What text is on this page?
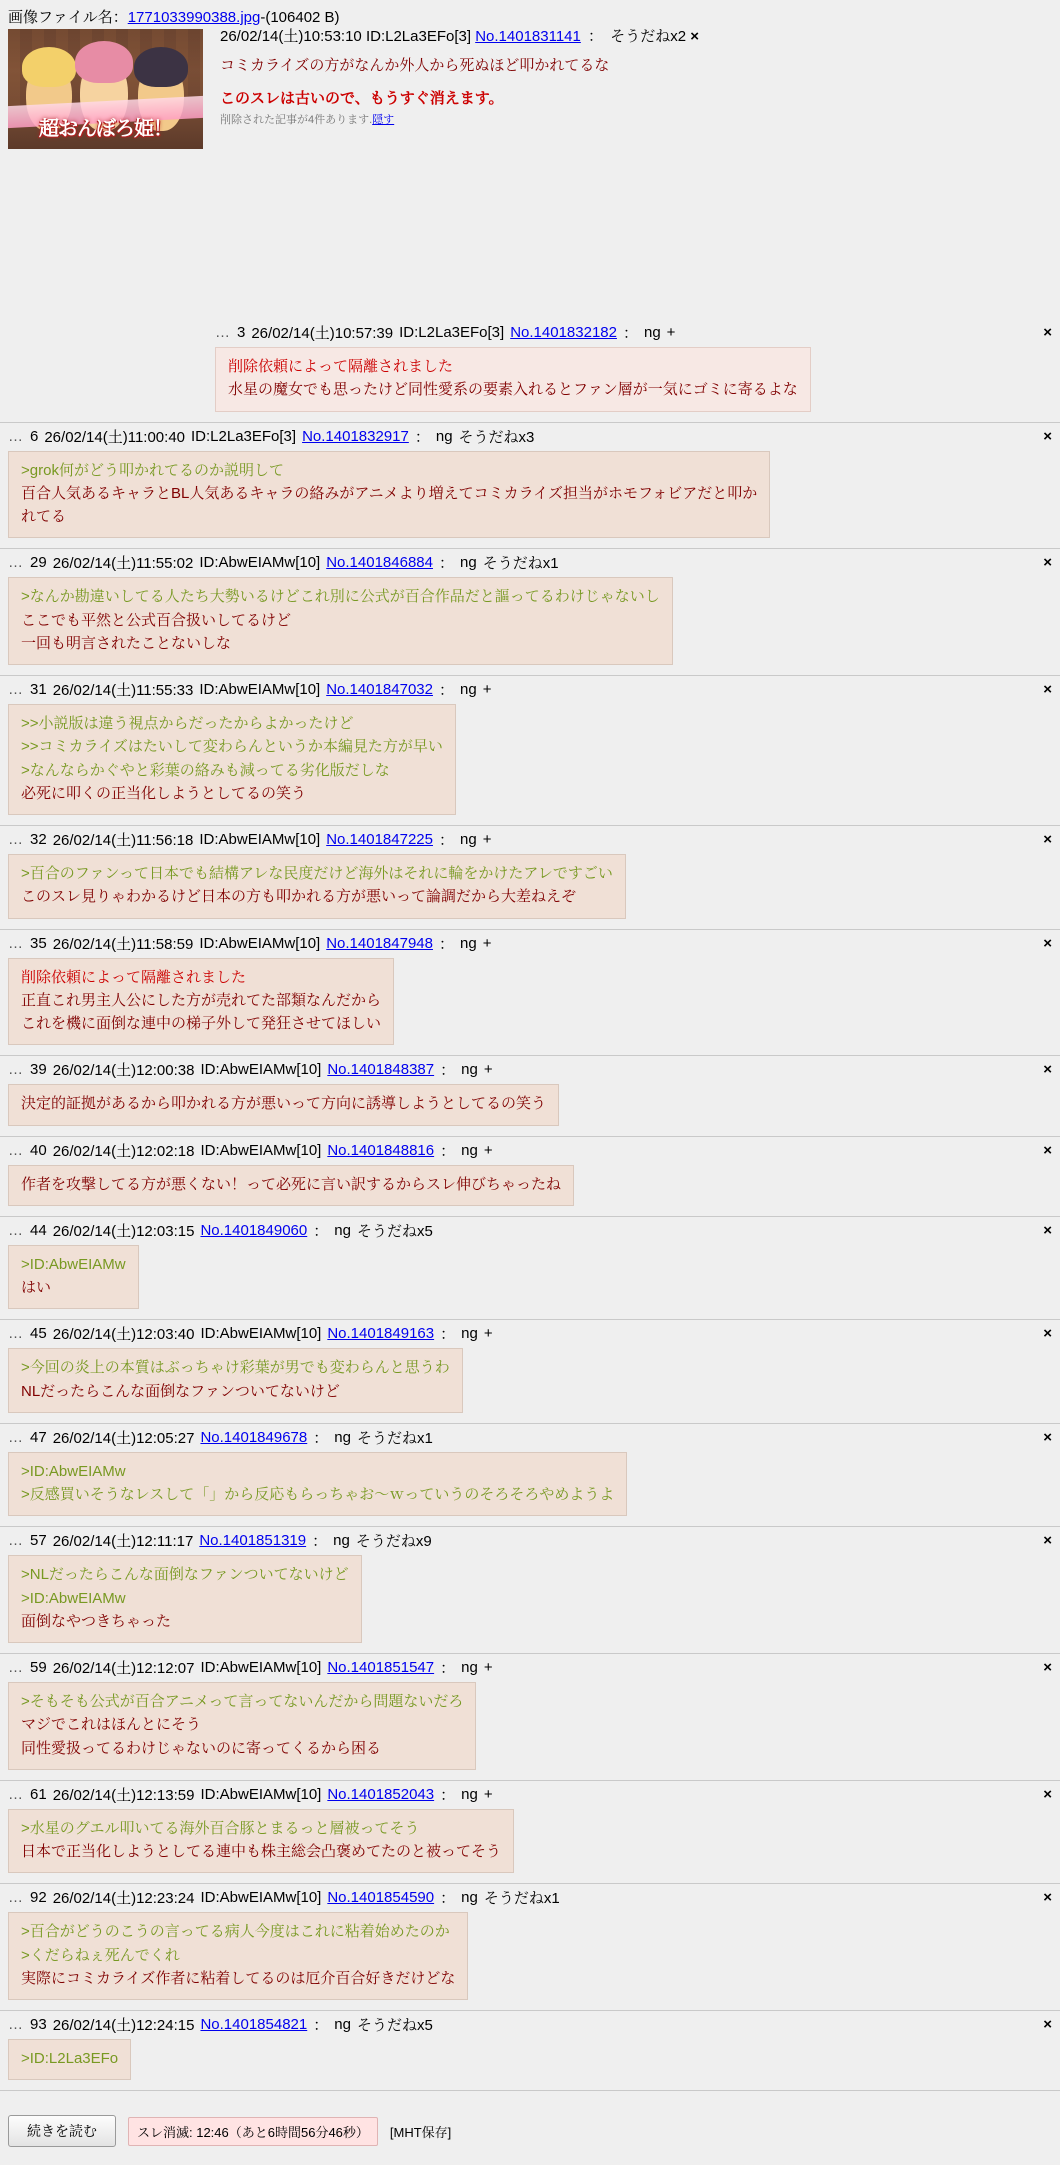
画像ファイル名：1771033990388.jpg-(106402 B)
超おんぼろ姫！
26/02/14(土)10:53:10 ID:L2La3EFo[3] No.1401831141 ： そうだねx2 ×
コミカライズの方がなんか外人から死ぬほど叩かれてるな
このスレは古いので、もうすぐ消えます。
削除された記事が4件あります.隠す
… 3 26/02/14(土)10:57:39 ID:L2La3EFo[3] No.1401832182 ： ng +	×
削除依頼によって隔離されました
水星の魔女でも思ったけど同性愛系の要素入れるとファン層が一気にゴミに寄るよな
… 6 26/02/14(土)11:00:40 ID:L2La3EFo[3] No.1401832917 ： ng そうだねx3	×
>grok何がどう叩かれてるのか説明して
百合人気あるキャラとBL人気あるキャラの絡みがアニメより増えてコミカライズ担当がホモフォビアだと叩か
れてる
… 29 26/02/14(土)11:55:02 ID:AbwEIAMw[10] No.1401846884 ： ng そうだねx1	×
>なんか勘違いしてる人たち大勢いるけどこれ別に公式が百合作品だと謳ってるわけじゃないし
ここでも平然と公式百合扱いしてるけど
一回も明言されたことないしな
… 31 26/02/14(土)11:55:33 ID:AbwEIAMw[10] No.1401847032 ： ng +	×
>>小説版は違う視点からだったからよかったけど
>>コミカライズはたいして変わらんというか本編見た方が早い
>なんならかぐやと彩葉の絡みも減ってる劣化版だしな
必死に叩くの正当化しようとしてるの笑う
… 32 26/02/14(土)11:56:18 ID:AbwEIAMw[10] No.1401847225 ： ng +	×
>百合のファンって日本でも結構アレな民度だけど海外はそれに輪をかけたアレですごい
このスレ見りゃわかるけど日本の方も叩かれる方が悪いって論調だから大差ねえぞ
… 35 26/02/14(土)11:58:59 ID:AbwEIAMw[10] No.1401847948 ： ng +	×
削除依頼によって隔離されました
正直これ男主人公にした方が売れてた部類なんだから
これを機に面倒な連中の梯子外して発狂させてほしい
… 39 26/02/14(土)12:00:38 ID:AbwEIAMw[10] No.1401848387 ： ng +	×
決定的証拠があるから叩かれる方が悪いって方向に誘導しようとしてるの笑う
… 40 26/02/14(土)12:02:18 ID:AbwEIAMw[10] No.1401848816 ： ng +	×
作者を攻撃してる方が悪くない！って必死に言い訳するからスレ伸びちゃったね
… 44 26/02/14(土)12:03:15 No.1401849060 ： ng そうだねx5	×
>ID:AbwEIAMw
はい
… 45 26/02/14(土)12:03:40 ID:AbwEIAMw[10] No.1401849163 ： ng +	×
>今回の炎上の本質はぶっちゃけ彩葉が男でも変わらんと思うわ
NLだったらこんな面倒なファンついてないけど
… 47 26/02/14(土)12:05:27 No.1401849678 ： ng そうだねx1	×
>ID:AbwEIAMw
>反感買いそうなレスして「」から反応もらっちゃお〜ｗっていうのそろそろやめようよ
… 57 26/02/14(土)12:11:17 No.1401851319 ： ng そうだねx9	×
>NLだったらこんな面倒なファンついてないけど
>ID:AbwEIAMw
面倒なやつきちゃった
… 59 26/02/14(土)12:12:07 ID:AbwEIAMw[10] No.1401851547 ： ng +	×
>そもそも公式が百合アニメって言ってないんだから問題ないだろ
マジでこれはほんとにそう
同性愛扱ってるわけじゃないのに寄ってくるから困る
… 61 26/02/14(土)12:13:59 ID:AbwEIAMw[10] No.1401852043 ： ng +	×
>水星のグエル叩いてる海外百合豚とまるっと層被ってそう
日本で正当化しようとしてる連中も株主総会凸褒めてたのと被ってそう
… 92 26/02/14(土)12:23:24 ID:AbwEIAMw[10] No.1401854590 ： ng そうだねx1	×
>百合がどうのこうの言ってる病人今度はこれに粘着始めたのか
>くだらねぇ死んでくれ
実際にコミカライズ作者に粘着してるのは厄介百合好きだけどな
… 93 26/02/14(土)12:24:15 No.1401854821 ： ng そうだねx5	×
>ID:L2La3EFo
続きを読む	スレ消滅: 12:46（あと6時間56分46秒）	[MHT保存]
